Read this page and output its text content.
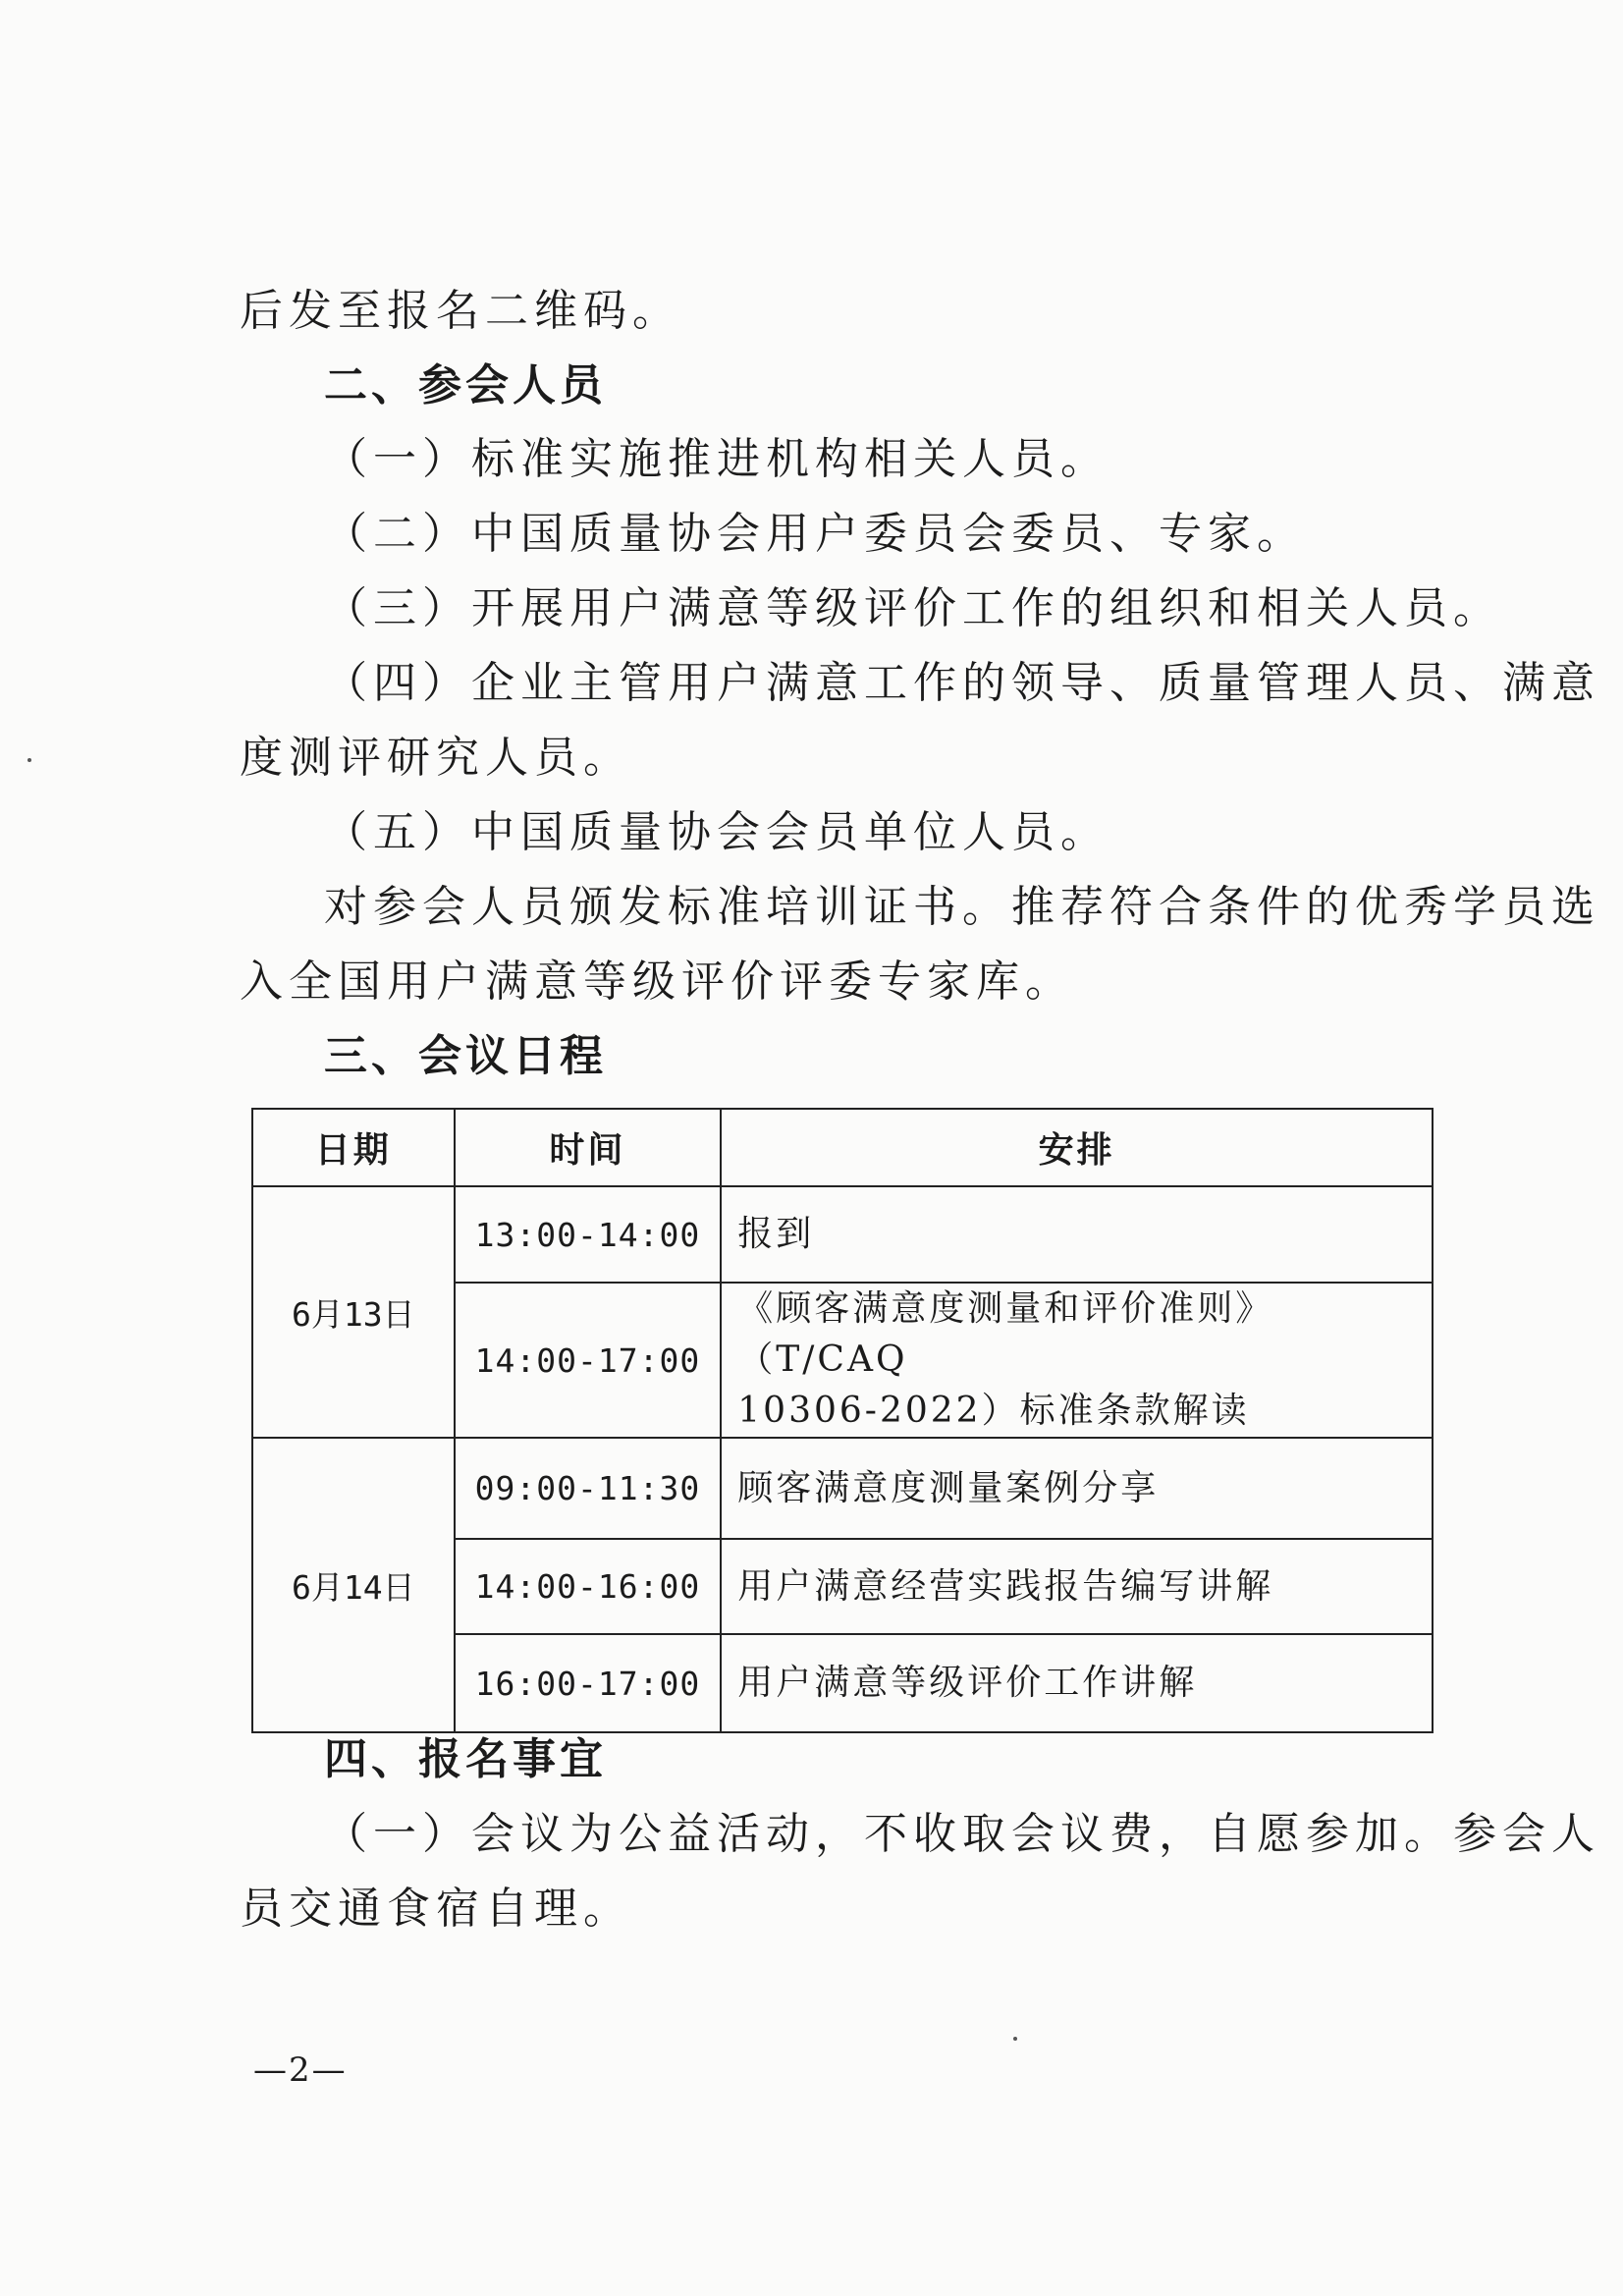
后发至报名二维码。
二、参会人员
（一）标准实施推进机构相关人员。
（二）中国质量协会用户委员会委员、专家。
（三）开展用户满意等级评价工作的组织和相关人员。
（四）企业主管用户满意工作的领导、质量管理人员、满意
度测评研究人员。
（五）中国质量协会会员单位人员。
对参会人员颁发标准培训证书。推荐符合条件的优秀学员选
入全国用户满意等级评价评委专家库。
三、会议日程
日期	时间	安排
6月13日	13:00-14:00	报到
	14:00-17:00	《顾客满意度测量和评价准则》（T/CAQ
10306-2022）标准条款解读

6月14日	09:00-11:30	顾客满意度测量案例分享
	14:00-16:00	用户满意经营实践报告编写讲解
	16:00-17:00	用户满意等级评价工作讲解
四、报名事宜
（一）会议为公益活动，不收取会议费，自愿参加。参会人
员交通食宿自理。
—2—
